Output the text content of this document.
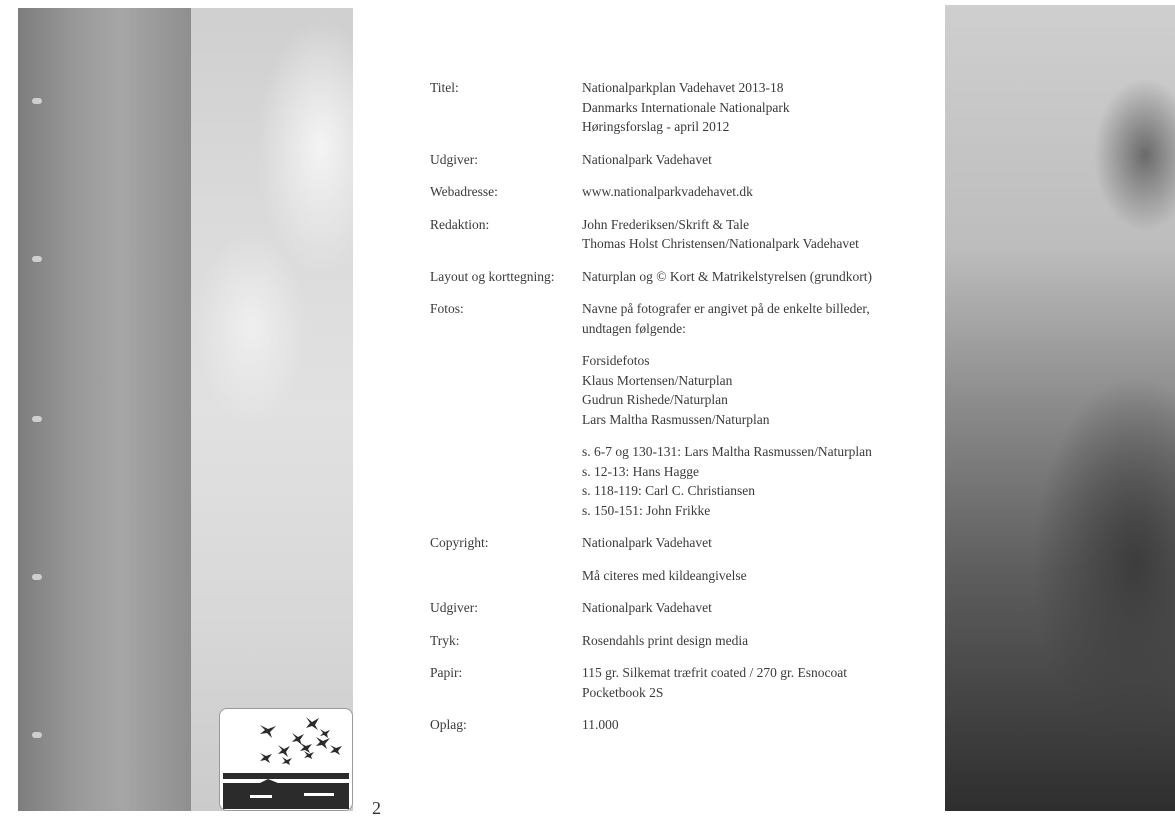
2
Titel:	Nationalparkplan Vadehavet 2013-18
Danmarks Internationale Nationalpark
Høringsforslag - april 2012
Udgiver:	Nationalpark Vadehavet
Webadresse:	www.nationalparkvadehavet.dk
Redaktion:	John Frederiksen/Skrift & Tale
Thomas Holst Christensen/Nationalpark Vadehavet
Layout og korttegning:	Naturplan og © Kort & Matrikelstyrelsen (grundkort)
Fotos:	Navne på fotografer er angivet på de enkelte billeder,
undtagen følgende:
Forsidefotos
Klaus Mortensen/Naturplan
Gudrun Rishede/Naturplan
Lars Maltha Rasmussen/Naturplan
s. 6-7 og 130-131: Lars Maltha Rasmussen/Naturplan
s. 12-13: Hans Hagge
s. 118-119: Carl C. Christiansen
s. 150-151: John Frikke
Copyright:	Nationalpark Vadehavet
Må citeres med kildeangivelse
Udgiver:	Nationalpark Vadehavet
Tryk:	Rosendahls print design media
Papir:	115 gr. Silkemat træfrit coated / 270 gr. Esnocoat
Pocketbook 2S
Oplag:	11.000
